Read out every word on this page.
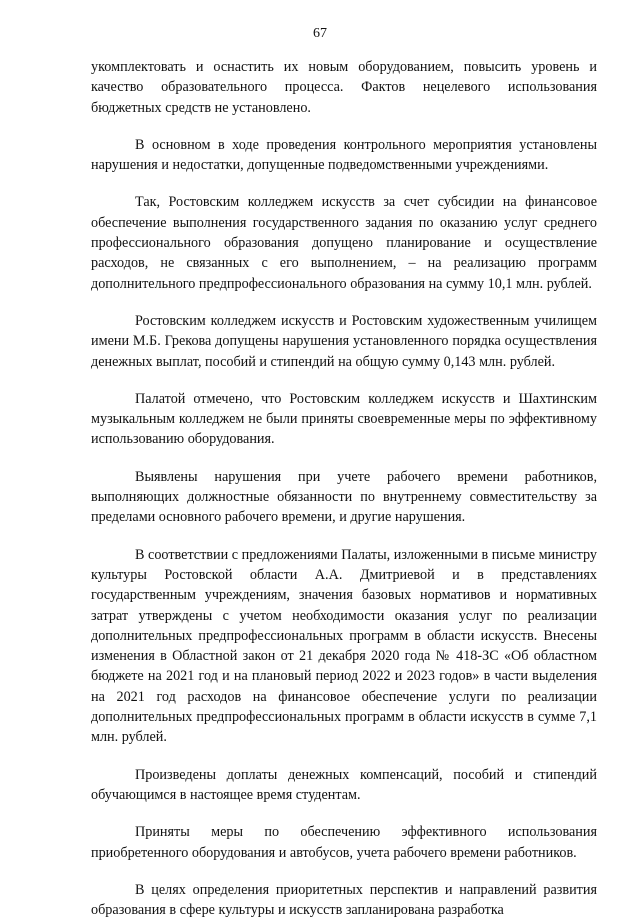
67

укомплектовать и оснастить их новым оборудованием, повысить уровень и качество образовательного процесса. Фактов нецелевого использования бюджетных средств не установлено.

В основном в ходе проведения контрольного мероприятия установлены нарушения и недостатки, допущенные подведомственными учреждениями.

Так, Ростовским колледжем искусств за счет субсидии на финансовое обеспечение выполнения государственного задания по оказанию услуг среднего профессионального образования допущено планирование и осуществление расходов, не связанных с его выполнением, – на реализацию программ дополнительного предпрофессионального образования на сумму 10,1 млн. рублей.

Ростовским колледжем искусств и Ростовским художественным училищем имени М.Б. Грекова допущены нарушения установленного порядка осуществления денежных выплат, пособий и стипендий на общую сумму 0,143 млн. рублей.

Палатой отмечено, что Ростовским колледжем искусств и Шахтинским музыкальным колледжем не были приняты своевременные меры по эффективному использованию оборудования.

Выявлены нарушения при учете рабочего времени работников, выполняющих должностные обязанности по внутреннему совместительству за пределами основного рабочего времени, и другие нарушения.

В соответствии с предложениями Палаты, изложенными в письме министру культуры Ростовской области А.А. Дмитриевой и в представлениях государственным учреждениям, значения базовых нормативов и нормативных затрат утверждены с учетом необходимости оказания услуг по реализации дополнительных предпрофессиональных программ в области искусств. Внесены изменения в Областной закон от 21 декабря 2020 года № 418-ЗС «Об областном бюджете на 2021 год и на плановый период 2022 и 2023 годов» в части выделения на 2021 год расходов на финансовое обеспечение услуги по реализации дополнительных предпрофессиональных программ в области искусств в сумме 7,1 млн. рублей.

Произведены доплаты денежных компенсаций, пособий и стипендий обучающимся в настоящее время студентам.

Приняты меры по обеспечению эффективного использования приобретенного оборудования и автобусов, учета рабочего времени работников.

В целях определения приоритетных перспектив и направлений развития образования в сфере культуры и искусств запланирована разработка
